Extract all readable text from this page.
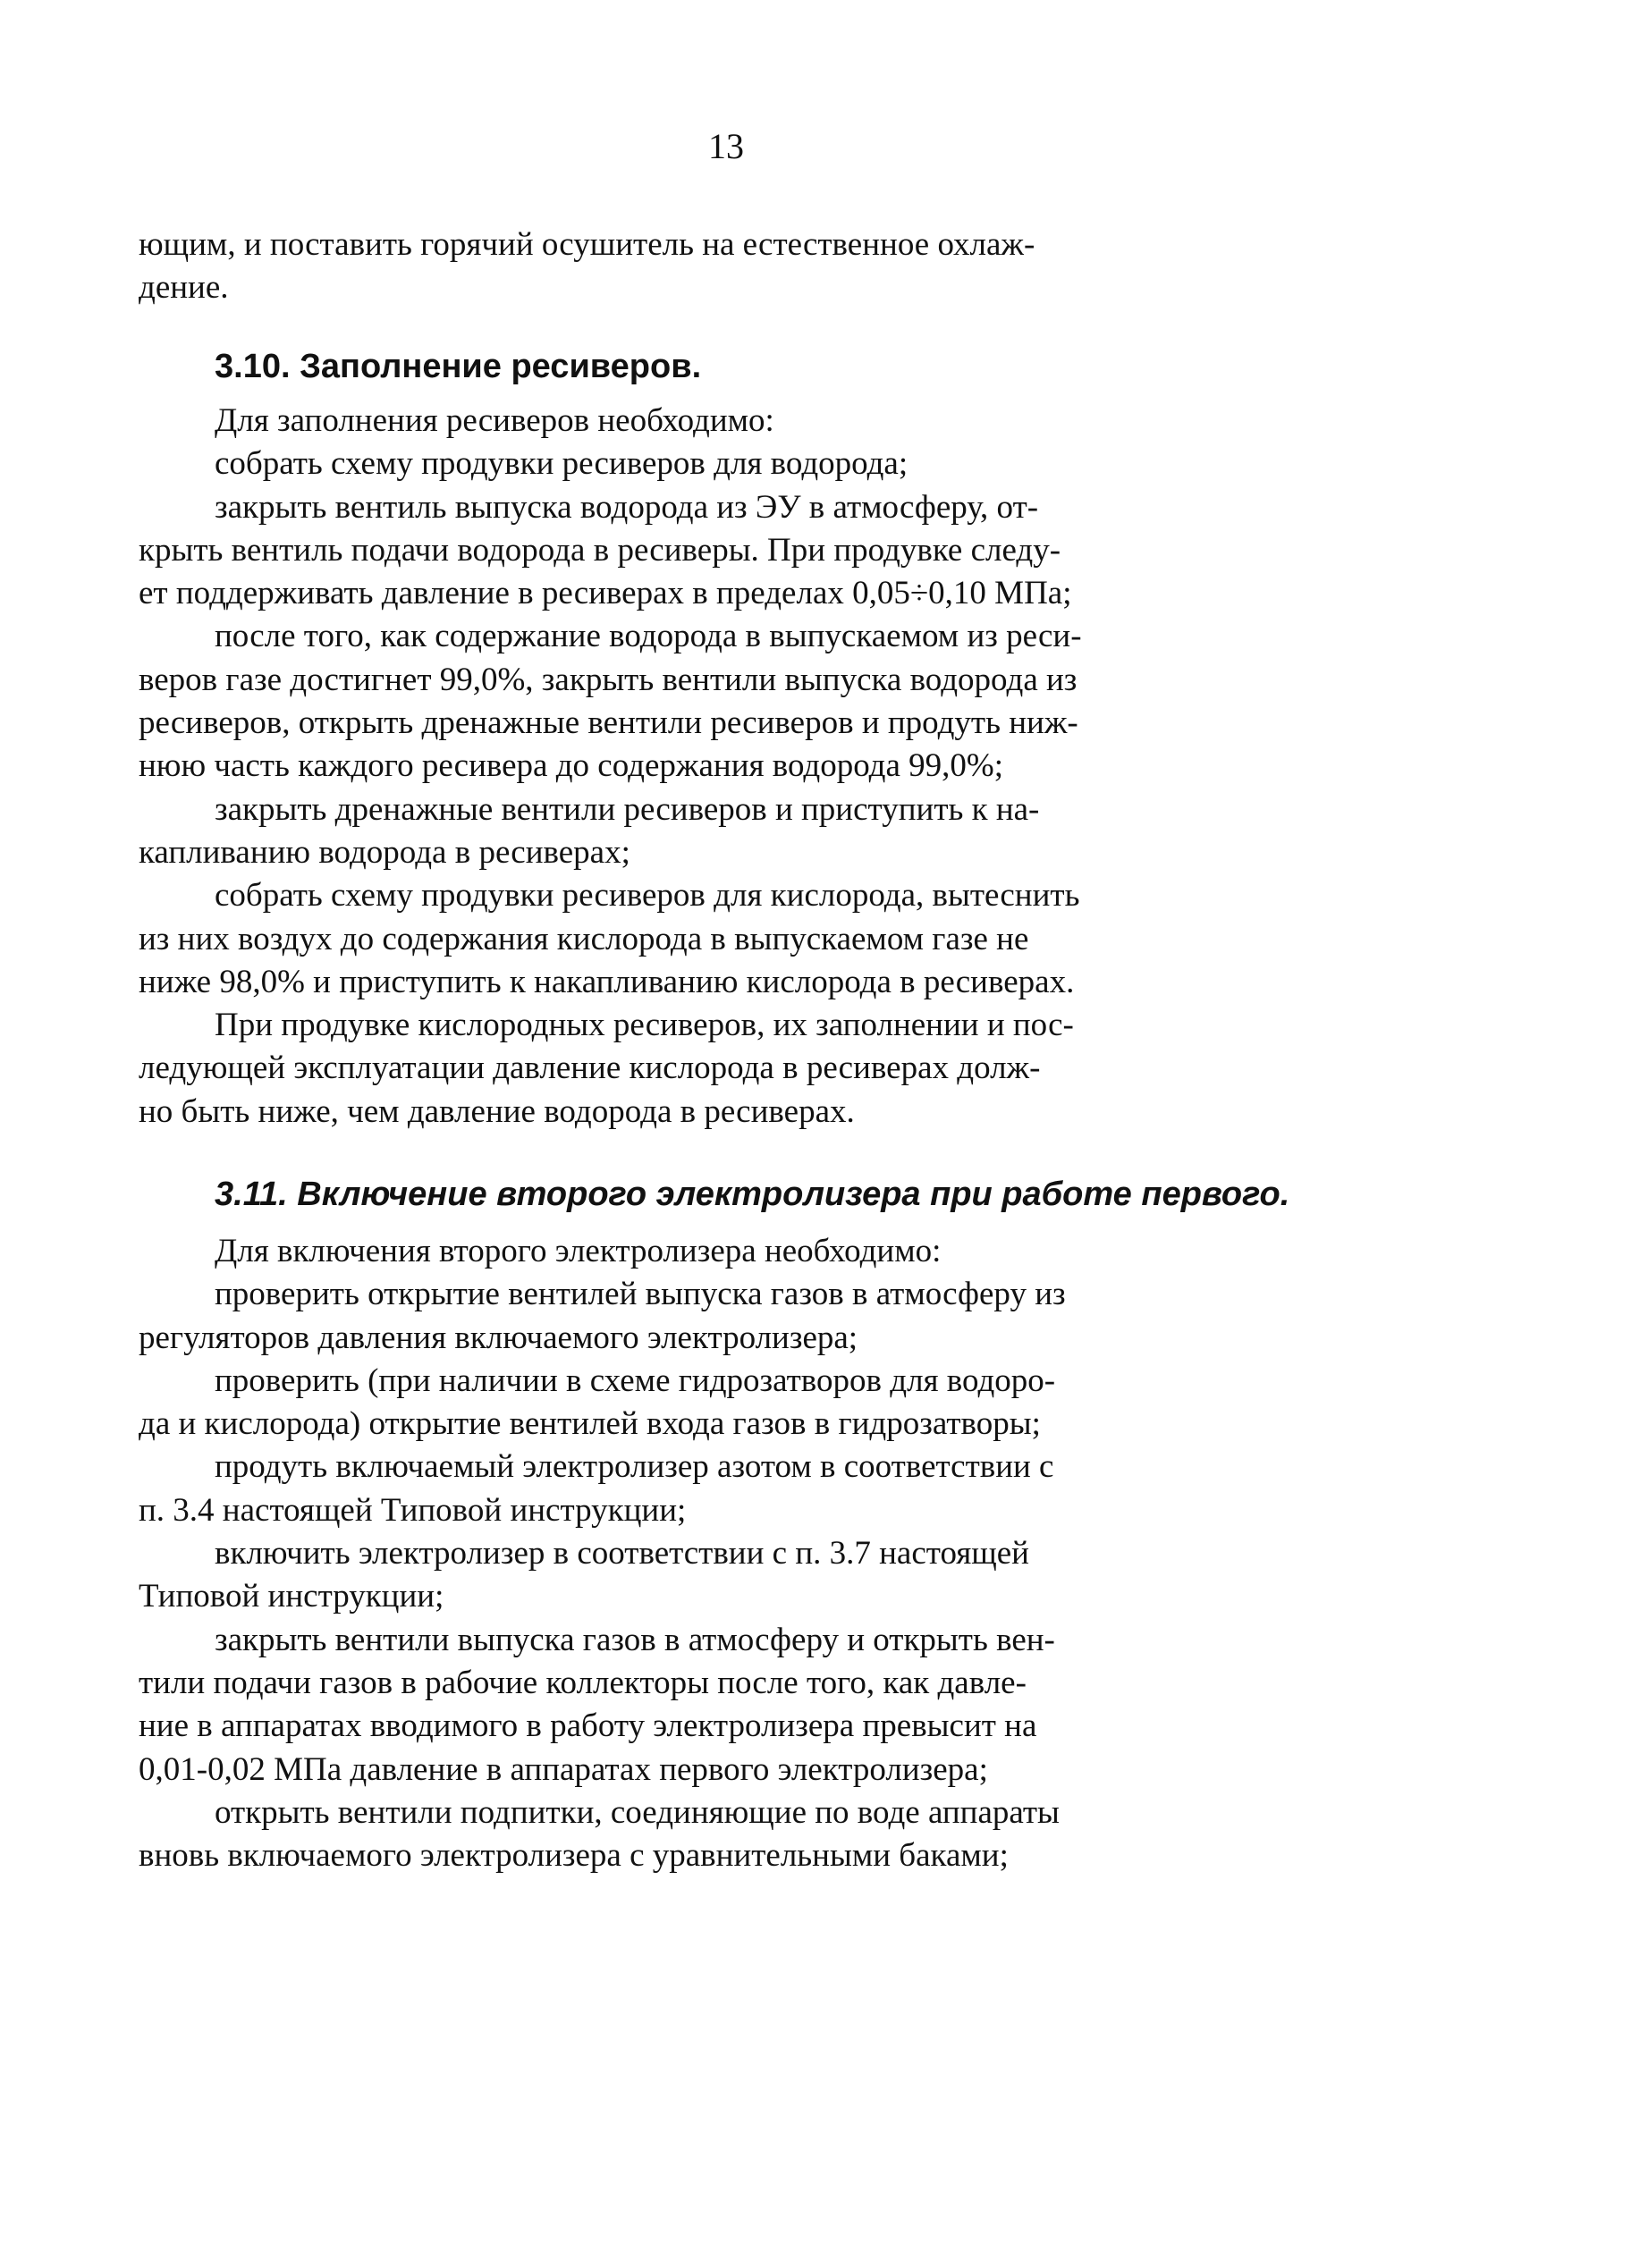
13

ющим, и поставить горячий осушитель на естественное охлаж-

дение.

3.10. Заполнение ресиверов.

Для заполнения ресиверов необходимо:

собрать схему продувки ресиверов для водорода;

закрыть вентиль выпуска водорода из ЭУ в атмосферу, от-

крыть вентиль подачи водорода в ресиверы. При продувке следу-

ет поддерживать давление в ресиверах в пределах 0,05÷0,10 МПа;

после того, как содержание водорода в выпускаемом из реси-

веров газе достигнет 99,0%, закрыть вентили выпуска водорода из

ресиверов, открыть дренажные вентили ресиверов и продуть ниж-

нюю часть каждого ресивера до содержания водорода 99,0%;

закрыть дренажные вентили ресиверов и приступить к на-

капливанию водорода в ресиверах;

собрать схему продувки ресиверов для кислорода, вытеснить

из них воздух до содержания кислорода в выпускаемом газе не

ниже 98,0% и приступить к накапливанию кислорода в ресиверах.

При продувке кислородных ресиверов, их заполнении и пос-

ледующей эксплуатации давление кислорода в ресиверах долж-

но быть ниже, чем давление водорода в ресиверах.

3.11. Включение второго электролизера при работе первого.

Для включения второго электролизера необходимо:

проверить открытие вентилей выпуска газов в атмосферу из

регуляторов давления включаемого электролизера;

проверить (при наличии в схеме гидрозатворов для водоро-

да и кислорода) открытие вентилей входа газов в гидрозатворы;

продуть включаемый электролизер азотом в соответствии с

п. 3.4 настоящей Типовой инструкции;

включить электролизер в соответствии с п. 3.7 настоящей

Типовой инструкции;

закрыть вентили выпуска газов в атмосферу и открыть вен-

тили подачи газов в рабочие коллекторы после того, как давле-

ние в аппаратах вводимого в работу электролизера превысит на

0,01-0,02 МПа давление в аппаратах первого электролизера;

открыть вентили подпитки, соединяющие по воде аппараты

вновь включаемого электролизера с уравнительными баками;
